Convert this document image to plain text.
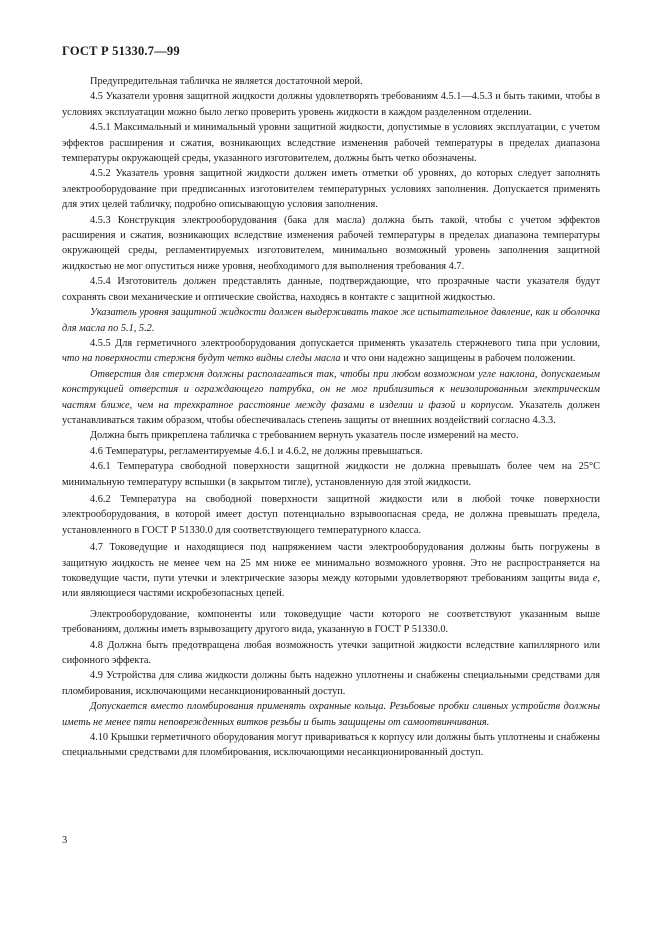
ГОСТ Р 51330.7—99

Предупредительная табличка не является достаточной мерой.

4.5 Указатели уровня защитной жидкости должны удовлетворять требованиям 4.5.1—4.5.3 и быть такими, чтобы в условиях эксплуатации можно было легко проверить уровень жидкости в каждом разделенном отделении.

4.5.1 Максимальный и минимальный уровни защитной жидкости, допустимые в условиях эксплуатации, с учетом эффектов расширения и сжатия, возникающих вследствие изменения рабочей температуры в пределах диапазона температуры окружающей среды, указанного изготовителем, должны быть четко обозначены.

4.5.2 Указатель уровня защитной жидкости должен иметь отметки об уровнях, до которых следует заполнять электрооборудование при предписанных изготовителем температурных условиях заполнения. Допускается применять для этих целей табличку, подробно описывающую условия заполнения.

4.5.3 Конструкция электрооборудования (бака для масла) должна быть такой, чтобы с учетом эффектов расширения и сжатия, возникающих вследствие изменения рабочей температуры в пределах диапазона температуры окружающей среды, регламентируемых изготовителем, минимально возможный уровень заполнения защитной жидкостью не мог опуститься ниже уровня, необходимого для выполнения требования 4.7.

4.5.4 Изготовитель должен представлять данные, подтверждающие, что прозрачные части указателя будут сохранять свои механические и оптические свойства, находясь в контакте с защитной жидкостью.

Указатель уровня защитной жидкости должен выдерживать такое же испытательное давление, как и оболочка для масла по 5.1, 5.2.

4.5.5 Для герметичного электрооборудования допускается применять указатель стержневого типа при условии, что на поверхности стержня будут четко видны следы масла и что они надежно защищены в рабочем положении.

Отверстия для стержня должны располагаться так, чтобы при любом возможном угле наклона, допускаемым конструкцией отверстия и ограждающего патрубка, он не мог приблизиться к неизолированным электрическим частям ближе, чем на трехкратное расстояние между фазами в изделии и фазой и корпусом. Указатель должен устанавливаться таким образом, чтобы обеспечивалась степень защиты от внешних воздействий согласно 4.3.3.

Должна быть прикреплена табличка с требованием вернуть указатель после измерений на место.

4.6 Температуры, регламентируемые 4.6.1 и 4.6.2, не должны превышаться.

4.6.1 Температура свободной поверхности защитной жидкости не должна превышать более чем на 25°С минимальную температуру вспышки (в закрытом тигле), установленную для этой жидкости.

4.6.2 Температура на свободной поверхности защитной жидкости или в любой точке поверхности электрооборудования, в которой имеет доступ потенциально взрывоопасная среда, не должна превышать предела, установленного в ГОСТ Р 51330.0 для соответствующего температурного класса.

4.7 Токоведущие и находящиеся под напряжением части электрооборудования должны быть погружены в защитную жидкость не менее чем на 25 мм ниже ее минимально возможного уровня. Это не распространяется на токоведущие части, пути утечки и электрические зазоры между которыми удовлетворяют требованиям защиты вида е, или являющиеся частями искробезопасных цепей.

Электрооборудование, компоненты или токоведущие части которого не соответствуют указанным выше требованиям, должны иметь взрывозащиту другого вида, указанную в ГОСТ Р 51330.0.

4.8 Должна быть предотвращена любая возможность утечки защитной жидкости вследствие капиллярного или сифонного эффекта.

4.9 Устройства для слива жидкости должны быть надежно уплотнены и снабжены специальными средствами для пломбирования, исключающими несанкционированный доступ.

Допускается вместо пломбирования применять охранные кольца. Резьбовые пробки сливных устройств должны иметь не менее пяти неповрежденных витков резьбы и быть защищены от самоотвинчивания.

4.10 Крышки герметичного оборудования могут привариваться к корпусу или должны быть уплотнены и снабжены специальными средствами для пломбирования, исключающими несанкционированный доступ.

3
